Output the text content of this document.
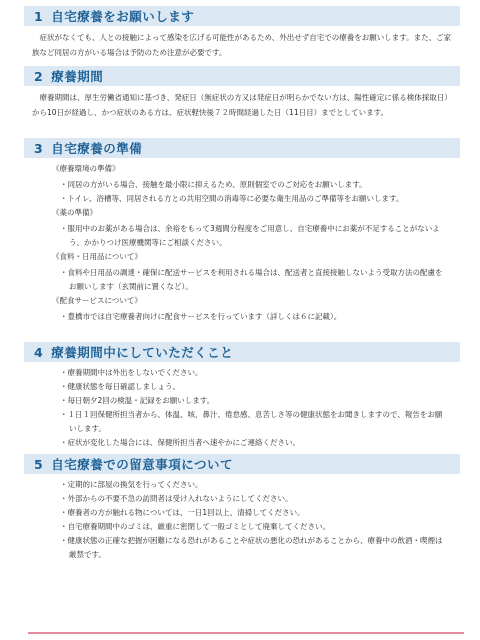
1 自宅療養をお願いします
症状がなくても、人との接触によって感染を広げる可能性があるため、外出せず自宅での療養をお願いします。また、ご家族など同居の方がいる場合は予防のため注意が必要です。
2 療養期間
療養期間は、厚生労働省通知に基づき、発症日（無症状の方又は発症日が明らかでない方は、陽性確定に係る検体採取日）から10日が経過し、かつ症状のある方は、症状軽快後７２時間経過した日（11日目）までとしています。
3 自宅療養の準備
《療養環境の準備》
・同居の方がいる場合、接触を最小限に抑えるため、原則個室でのご対応をお願いします。
・トイレ、浴槽等、同居される方との共用空間の消毒等に必要な衛生用品のご準備等をお願いします。
《薬の準備》
・服用中のお薬がある場合は、余裕をもって3週間分程度をご用意し、自宅療養中にお薬が不足することがないよう、かかりつけ医療機関等にご相談ください。
《食料・日用品について》
・食料や日用品の調達・確保に配送サービスを利用される場合は、配送者と直接接触しないよう受取方法の配慮をお願いします（玄関前に置くなど）。
《配食サービスについて》
・豊橋市では自宅療養者向けに配食サービスを行っています（詳しくは６に記載）。
4 療養期間中にしていただくこと
・療養期間中は外出をしないでください。
・健康状態を毎日確認しましょう。
・毎日朝夕2回の検温・記録をお願いします。
・１日１回保健所担当者から、体温、咳、鼻汁、倦怠感、息苦しさ等の健康状態をお聞きしますので、報告をお願いします。
・症状が変化した場合には、保健所担当者へ速やかにご連絡ください。
5 自宅療養での留意事項について
・定期的に部屋の換気を行ってください。
・外部からの不要不急の訪問者は受け入れないようにしてください。
・療養者の方が触れる物については、一日1回以上、清掃してください。
・自宅療養期間中のゴミは、厳重に密閉して一般ゴミとして廃棄してください。
・健康状態の正確な把握が困難になる恐れがあることや症状の悪化の恐れがあることから、療養中の飲酒・喫煙は厳禁です。
